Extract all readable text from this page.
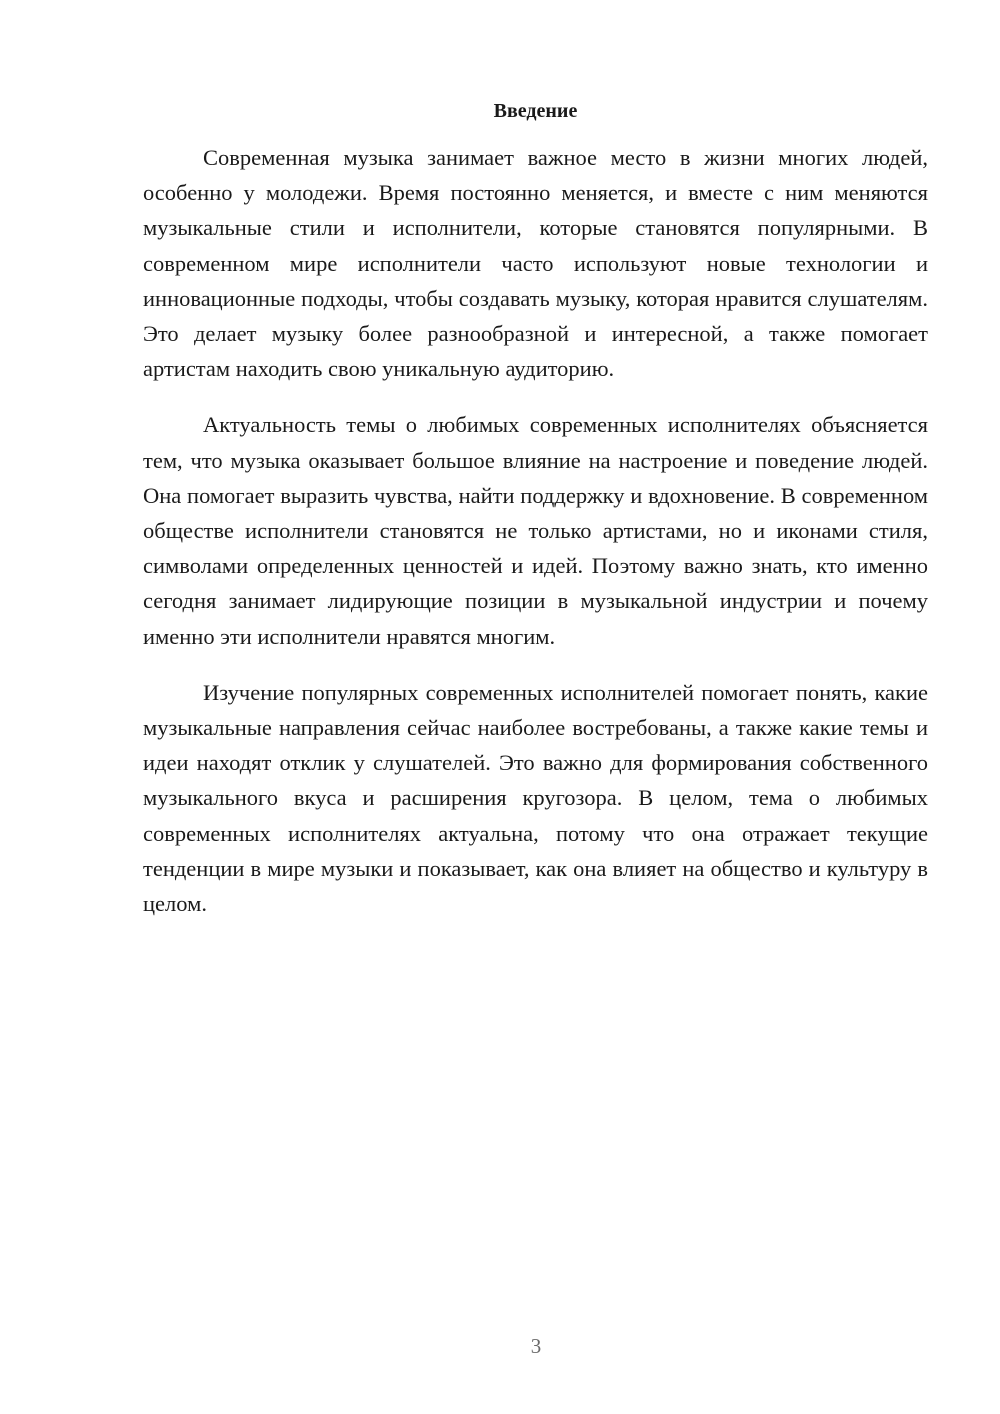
Введение

Современная музыка занимает важное место в жизни многих людей, особенно у молодежи. Время постоянно меняется, и вместе с ним меняются музыкальные стили и исполнители, которые становятся популярными. В современном мире исполнители часто используют новые технологии и инновационные подходы, чтобы создавать музыку, которая нравится слушателям. Это делает музыку более разнообразной и интересной, а также помогает артистам находить свою уникальную аудиторию.

Актуальность темы о любимых современных исполнителях объясняется тем, что музыка оказывает большое влияние на настроение и поведение людей. Она помогает выразить чувства, найти поддержку и вдохновение. В современном обществе исполнители становятся не только артистами, но и иконами стиля, символами определенных ценностей и идей. Поэтому важно знать, кто именно сегодня занимает лидирующие позиции в музыкальной индустрии и почему именно эти исполнители нравятся многим.

Изучение популярных современных исполнителей помогает понять, какие музыкальные направления сейчас наиболее востребованы, а также какие темы и идеи находят отклик у слушателей. Это важно для формирования собственного музыкального вкуса и расширения кругозора. В целом, тема о любимых современных исполнителях актуальна, потому что она отражает текущие тенденции в мире музыки и показывает, как она влияет на общество и культуру в целом.

3
